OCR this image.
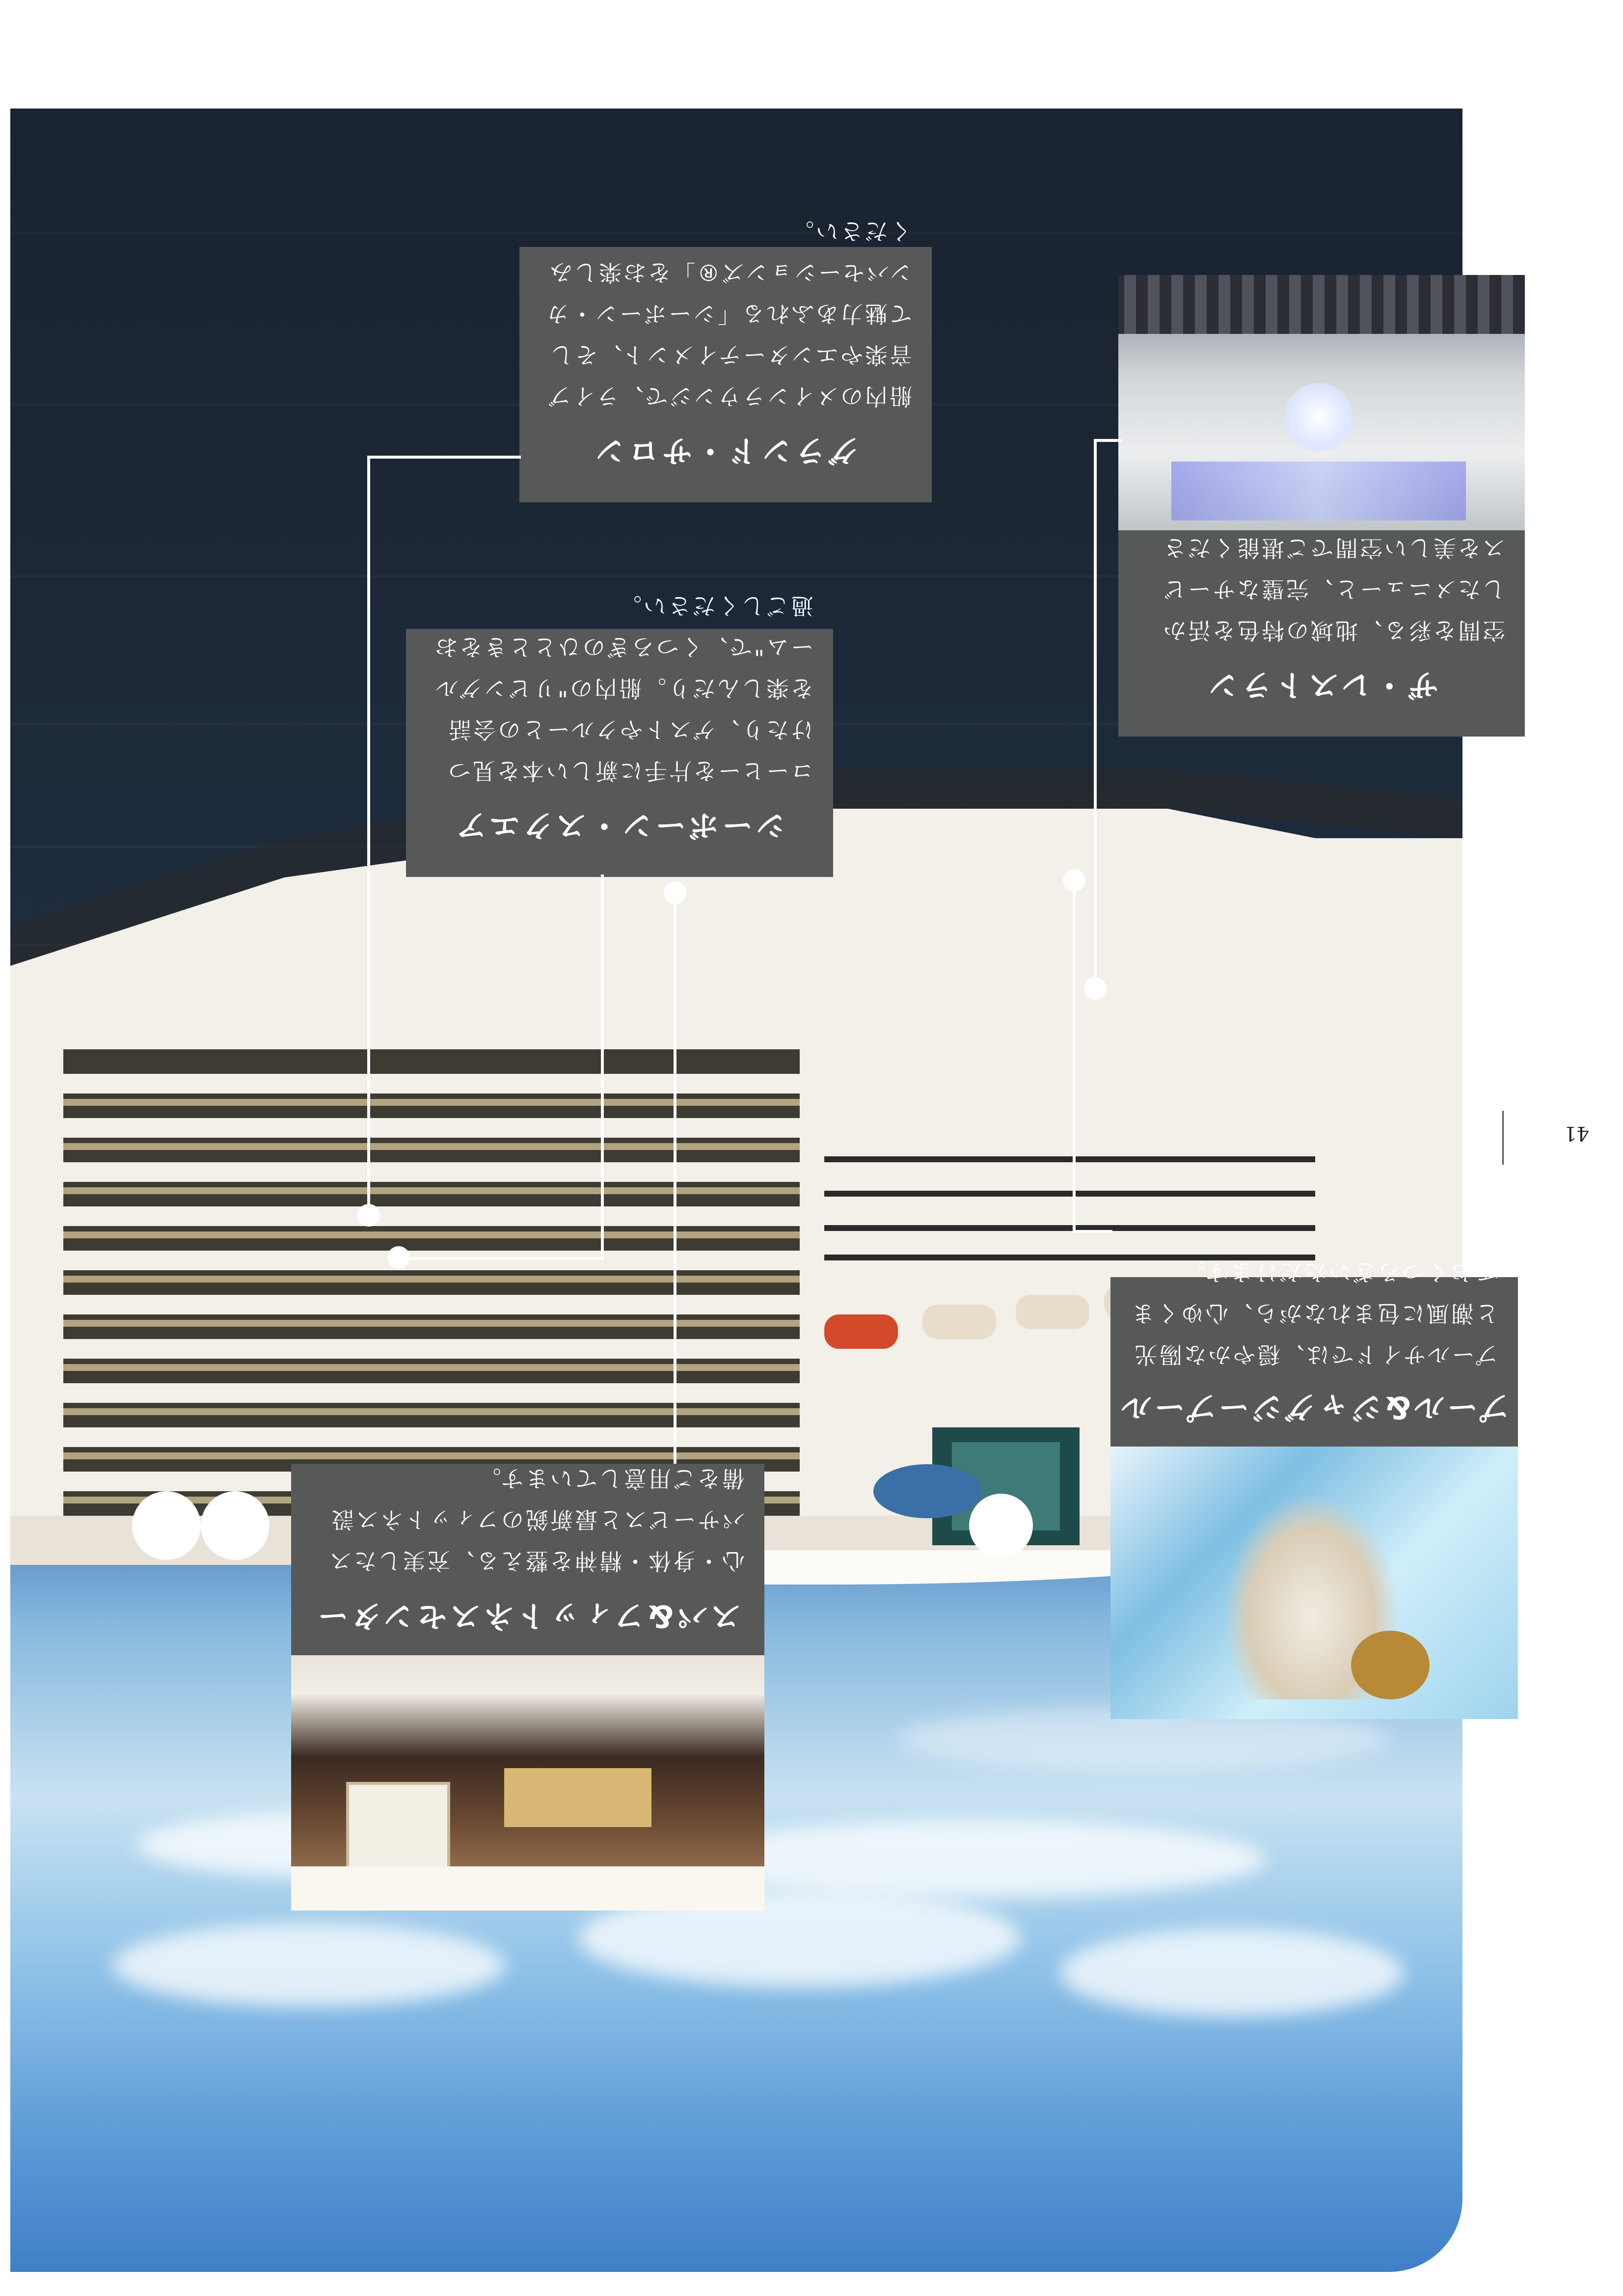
41
スパ&フィットネスセンター
心・身体・精神を整える、充実したスパサービスと最新鋭のフィットネス設備をご用意しています。
プール&ジャグジープール
プールサイドでは、穏やかな陽光と潮風に包まれながら、心ゆくまでおくつろぎいただけます。
シーボーン・スクエア
コーヒーを片手に新しい本を見つけたり、ゲストやクルーとの会話を楽しんだり。船内の"リビングルーム"で、くつろぎのひとときをお過ごしください。
ザ・レストラン
空間を彩る、地域の特色を活かしたメニューと、完璧なサービスを美しい空間でご堪能くださ
グランド・サロン
船内のメインラウンジで、ライブ音楽やエンターテイメント、そして魅力あふれる「シーボーン・カンバセーションズ®」をお楽しみください。
